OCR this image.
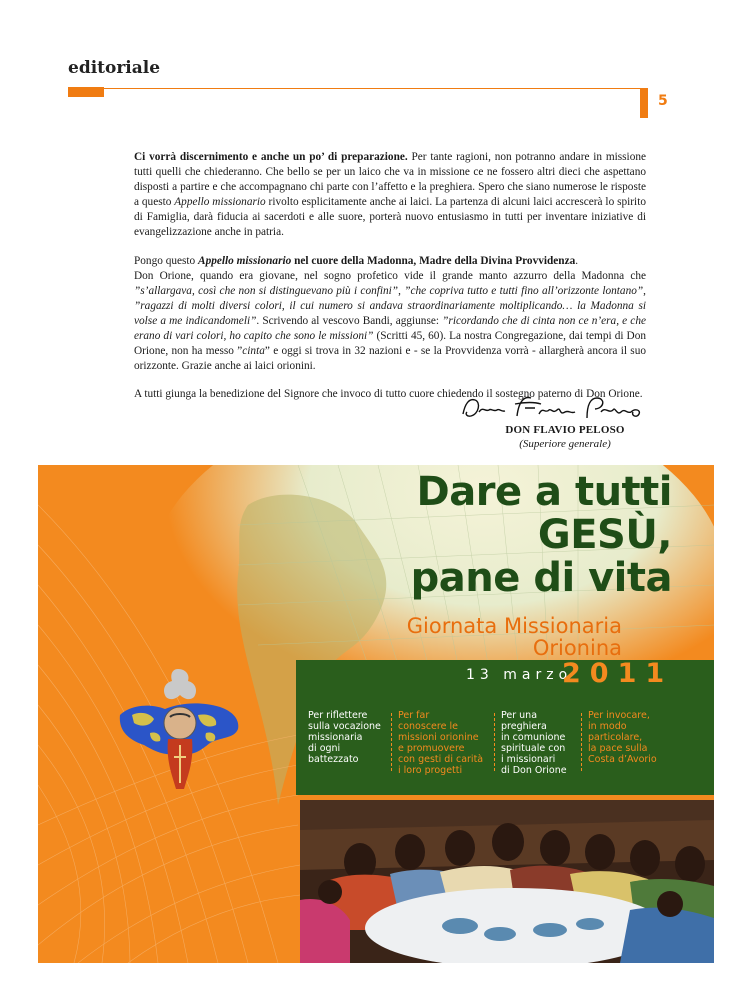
editoriale
5

Ci vorrà discernimento e anche un po’ di preparazione. Per tante ragioni, non potranno andare in missione tutti quelli che chiederanno. Che bello se per un laico che va in missione ce ne fossero altri dieci che aspettano disposti a partire e che accompagnano chi parte con l’affetto e la preghiera. Spero che siano numerose le risposte a questo Appello missionario rivolto esplicitamente anche ai laici. La partenza di alcuni laici accrescerà lo spirito di Famiglia, darà fiducia ai sacerdoti e alle suore, porterà nuovo entusiasmo in tutti per inventare iniziative di evangelizzazione anche in patria.

Pongo questo Appello missionario nel cuore della Madonna, Madre della Divina Provvidenza.

Don Orione, quando era giovane, nel sogno profetico vide il grande manto azzurro della Madonna che ”s’allargava, così che non si distinguevano più i confini”, ”che copriva tutto e tutti fino all’orizzonte lontano”, ”ragazzi di molti diversi colori, il cui numero si andava straordinariamente moltiplicando… la Madonna si volse a me indicandomeli”. Scrivendo al vescovo Bandi, aggiunse: ”ricordando che di cinta non ce n’era, e che erano di vari colori, ho capito che sono le missioni” (Scritti 45, 60). La nostra Congregazione, dai tempi di Don Orione, non ha messo ”cinta” e oggi si trova in 32 nazioni e - se la Provvidenza vorrà - allargherà ancora il suo orizzonte. Grazie anche ai laici orionini.

A tutti giunga la benedizione del Signore che invoco di tutto cuore chiedendo il sostegno paterno di Don Orione.

DON FLAVIO PELOSO
(Superiore generale)
Dare a tutti
GESÙ,
pane di vita
Giornata Missionaria
Orionina
13 marzo
2011
Per riflettere
sulla vocazione
missionaria
di ogni
battezzato
Per far
conoscere le
missioni orionine
e promuovere
con gesti di carità
i loro progetti
Per una
preghiera
in comunione
spirituale con
i missionari
di Don Orione
Per invocare,
in modo
particolare,
la pace sulla
Costa d’Avorio
